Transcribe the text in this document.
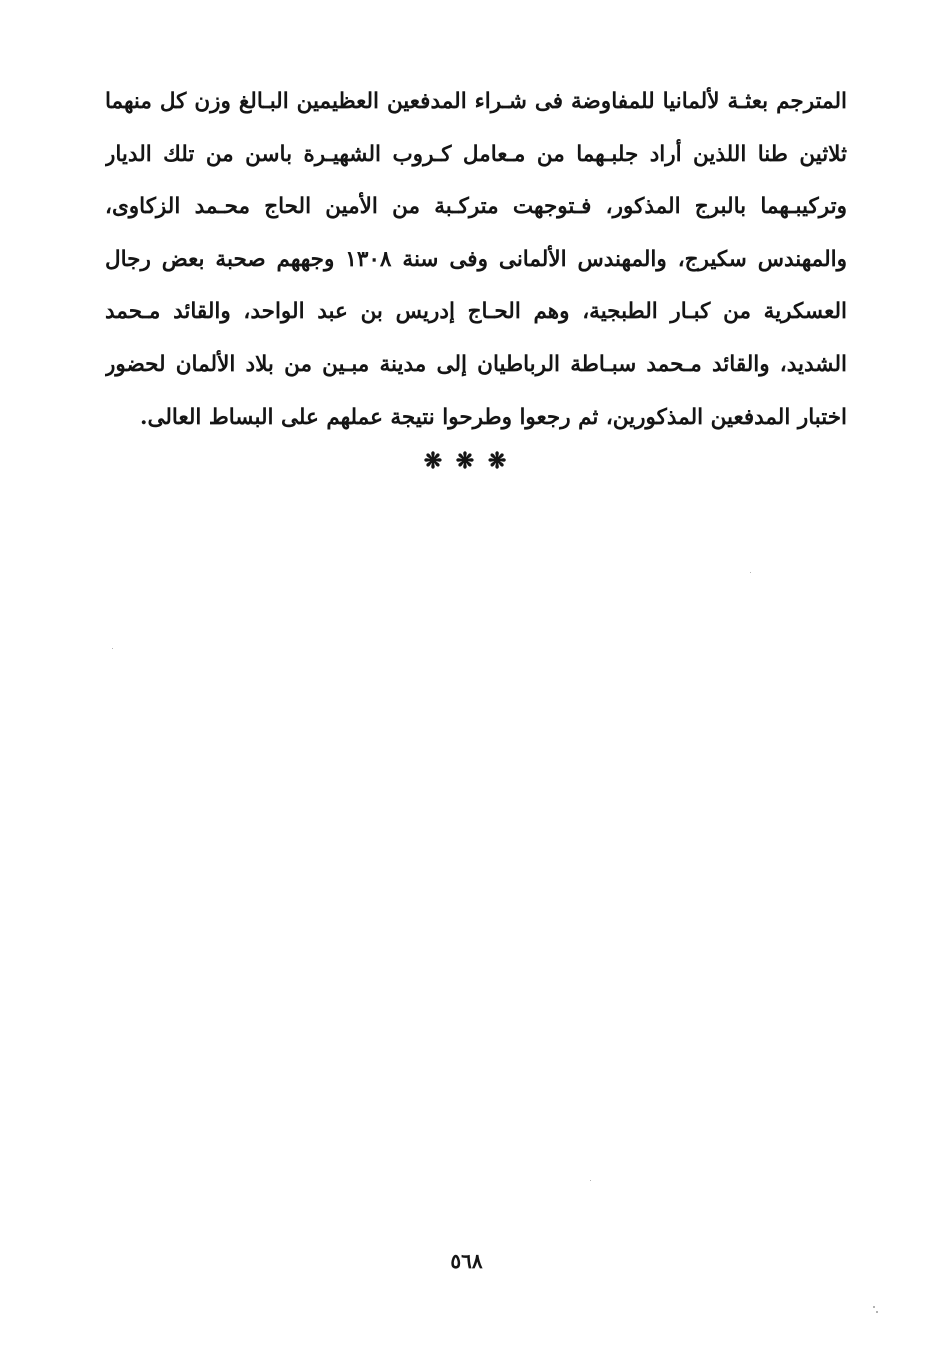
المترجم بعثـة لألمانيا للمفاوضة فى شـراء المدفعين العظيمين البـالغ وزن كل منهما
ثلاثين طنا اللذين أراد جلبـهما من مـعامل كـروب الشهيـرة باسن من تلك الديار
وتركيبـهما بالبرج المذكور، فـتوجهت متركـبة من الأمين الحاج محـمد الزكاوى،
والمهندس سكيرج، والمهندس الألمانى وفى سنة ١٣٠٨ وجههم صحبة بعض رجال
العسكرية من كبـار الطبجية، وهم الحـاج إدريس بن عبد الواحد، والقائد مـحمد
الشديد، والقائد مـحمد سبـاطة الرباطيان إلى مدينة مبـين من بلاد الألمان لحضور
اختبار المدفعين المذكورين، ثم رجعوا وطرحوا نتيجة عملهم على البساط العالى.
❋ ❋ ❋
٥٦٨
